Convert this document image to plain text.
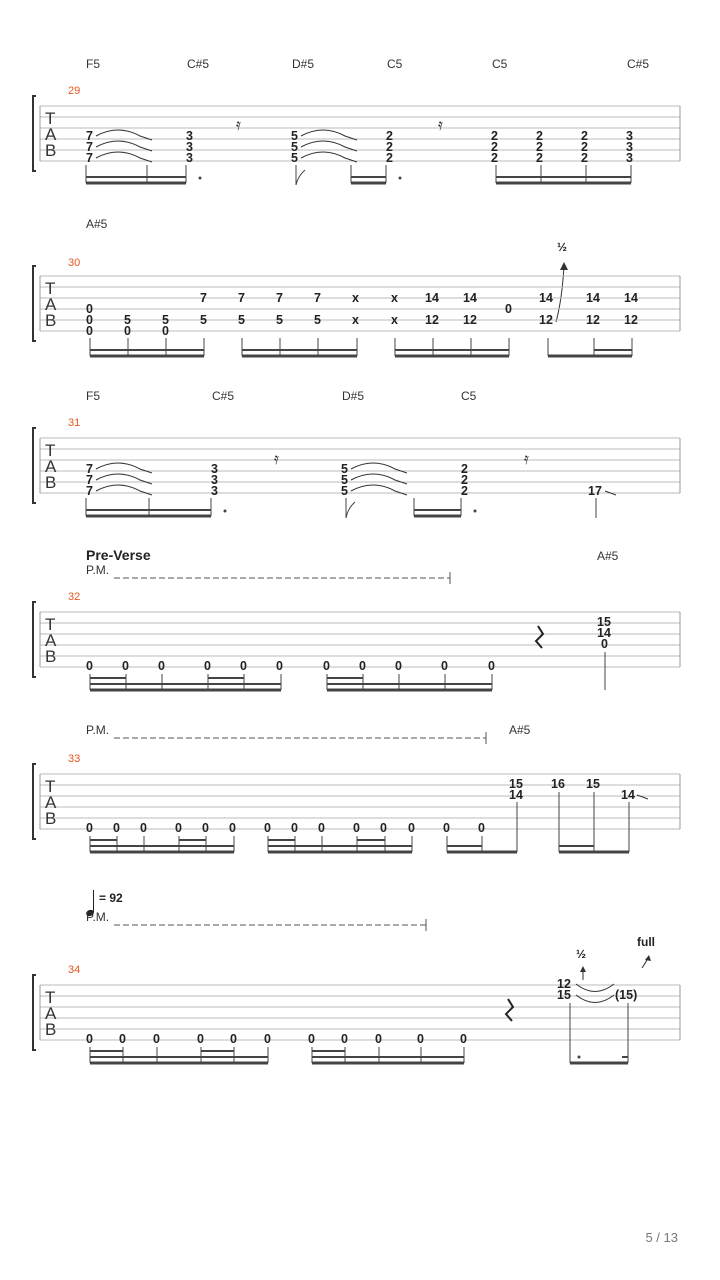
F5	C#5	D#5	C5	C5	C#5
29
T
A
B
7
7
7
3
3
3
𝄿
5
5
5
2
2
2
𝄿
2
2
2
2
2
2
2
2
2
3
3
3
A#5
30
½
T
A
B
0
0
0
5
0
5
0
7
5
7
5
7
5
7
5
x
x
x
x
14
12
14
12
0
14
12
14
12
14
12
F5	C#5	D#5	C5
31
T
A
B
7
7
7
3
3
3
𝄿
5
5
5
2
2
2
𝄿
17
Pre-Verse
P.M.
A#5
32
T
A
B 0 0 0	0 0 0	0 0 0	0	0
15
14
0
P.M.	A#5
33
T
A
B 0 0 0 0 0 0 0 0 0 0 0 0 0 0
15
14
16 15
14
= 92
P.M.
34
½
full
T
A
B 0 0 0	0 0 0	0 0 0	0	0
12
15	(15)
5 / 13
